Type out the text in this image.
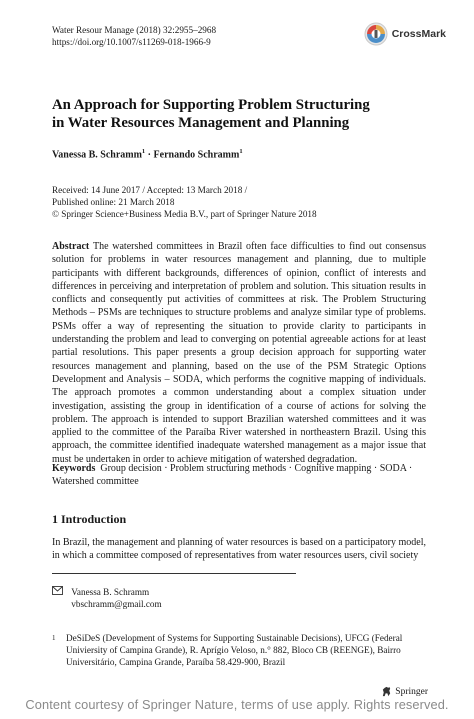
Water Resour Manage (2018) 32:2955–2968
https://doi.org/10.1007/s11269-018-1966-9
CrossMark
An Approach for Supporting Problem Structuring
in Water Resources Management and Planning
Vanessa B. Schramm$^1$ · Fernando Schramm$^1$
Received: 14 June 2017 / Accepted: 13 March 2018 /
Published online: 21 March 2018
© Springer Science+Business Media B.V., part of Springer Nature 2018
Abstract The watershed committees in Brazil often face difficulties to find out consensus solution for problems in water resources management and planning, due to multiple participants with different backgrounds, differences of opinion, conflict of interests and differences in perceiving and interpretation of problem and solution. This situation results in conflicts and consequently put activities of committees at risk. The Problem Structuring Methods – PSMs are techniques to structure problems and analyze similar type of problems. PSMs offer a way of representing the situation to provide clarity to participants in understanding the problem and lead to converging on potential agreeable actions for at least partial resolutions. This paper presents a group decision approach for supporting water resources management and planning, based on the use of the PSM Strategic Options Development and Analysis – SODA, which performs the cognitive mapping of individuals. The approach promotes a common understanding about a complex situation under investigation, assisting the group in identification of a course of actions for solving the problem. The approach is intended to support Brazilian watershed committees and it was applied to the committee of the Paraíba River watershed in northeastern Brazil. Using this approach, the committee identified inadequate watershed management as a major issue that must be undertaken in order to achieve mitigation of watershed degradation.
Keywords Group decision · Problem structuring methods · Cognitive mapping · SODA · Watershed committee
1 Introduction
In Brazil, the management and planning of water resources is based on a participatory model, in which a committee composed of representatives from water resources users, civil society

Vanessa B. Schramm
vbschramm@gmail.com
1 DeSiDeS (Development of Systems for Supporting Sustainable Decisions), UFCG (Federal
Univiersity of Campina Grande), R. Aprígio Veloso, n.° 882, Bloco CB (REENGE), Bairro
Universitário, Campina Grande, Paraíba 58.429-900, Brazil
Springer
Content courtesy of Springer Nature, terms of use apply. Rights reserved.
